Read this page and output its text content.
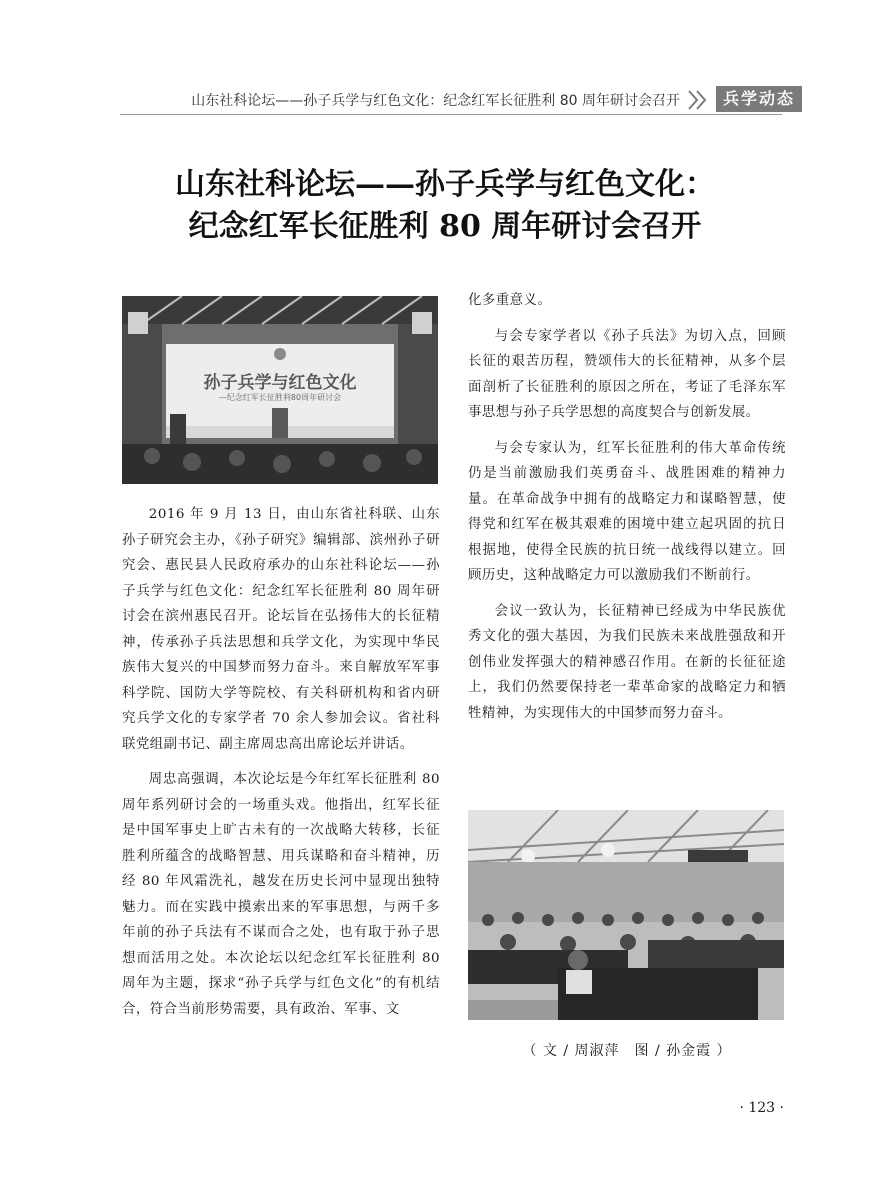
山东社科论坛——孙子兵学与红色文化：纪念红军长征胜利 80 周年研讨会召开	兵学动态
山东社科论坛——孙子兵学与红色文化：
纪念红军长征胜利 80 周年研讨会召开
孙子兵学与红色文化
—纪念红军长征胜利80周年研讨会

2016 年 9 月 13 日，由山东省社科联、山东孙子研究会主办，《孙子研究》编辑部、滨州孙子研究会、惠民县人民政府承办的山东社科论坛——孙子兵学与红色文化：纪念红军长征胜利 80 周年研讨会在滨州惠民召开。论坛旨在弘扬伟大的长征精神，传承孙子兵法思想和兵学文化，为实现中华民族伟大复兴的中国梦而努力奋斗。来自解放军军事科学院、国防大学等院校、有关科研机构和省内研究兵学文化的专家学者 70 余人参加会议。省社科联党组副书记、副主席周忠高出席论坛并讲话。

周忠高强调，本次论坛是今年红军长征胜利 80 周年系列研讨会的一场重头戏。他指出，红军长征是中国军事史上旷古未有的一次战略大转移，长征胜利所蕴含的战略智慧、用兵谋略和奋斗精神，历经 80 年风霜洗礼，越发在历史长河中显现出独特魅力。而在实践中摸索出来的军事思想，与两千多年前的孙子兵法有不谋而合之处，也有取于孙子思想而活用之处。本次论坛以纪念红军长征胜利 80 周年为主题，探求“孙子兵学与红色文化”的有机结合，符合当前形势需要，具有政治、军事、文

化多重意义。

与会专家学者以《孙子兵法》为切入点，回顾长征的艰苦历程，赞颂伟大的长征精神，从多个层面剖析了长征胜利的原因之所在，考证了毛泽东军事思想与孙子兵学思想的高度契合与创新发展。

与会专家认为，红军长征胜利的伟大革命传统仍是当前激励我们英勇奋斗、战胜困难的精神力量。在革命战争中拥有的战略定力和谋略智慧，使得党和红军在极其艰难的困境中建立起巩固的抗日根据地，使得全民族的抗日统一战线得以建立。回顾历史，这种战略定力可以激励我们不断前行。

会议一致认为，长征精神已经成为中华民族优秀文化的强大基因，为我们民族未来战胜强敌和开创伟业发挥强大的精神感召作用。在新的长征征途上，我们仍然要保持老一辈革命家的战略定力和牺牲精神，为实现伟大的中国梦而努力奋斗。

（ 文 / 周淑萍　图 / 孙金霞 ）
· 123 ·
